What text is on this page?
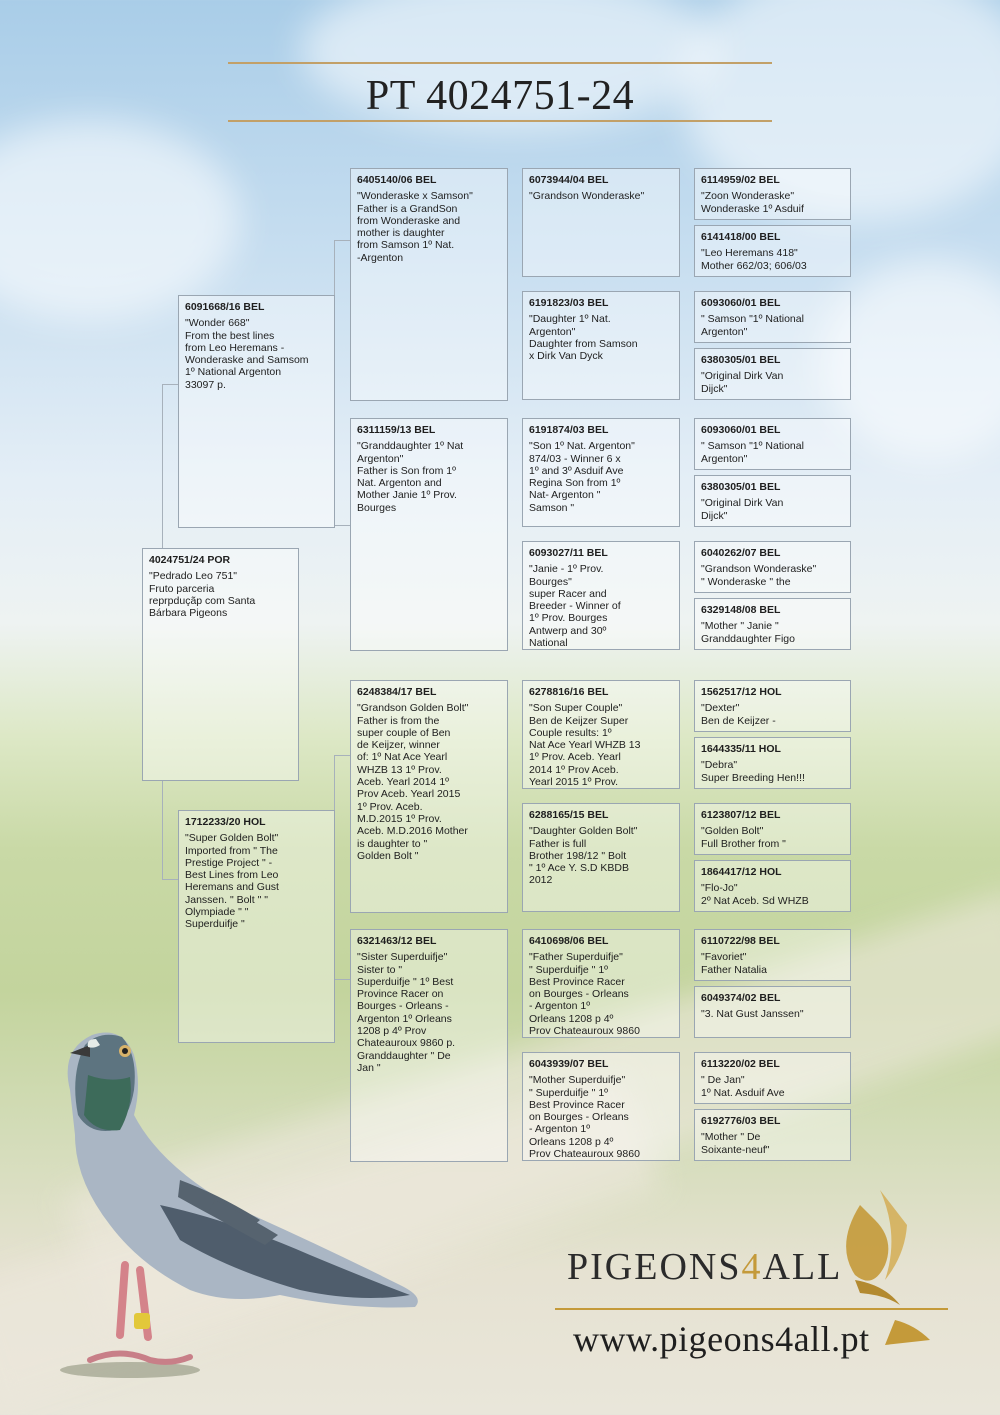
PT 4024751-24
4024751/24 POR
"Pedrado Leo 751"
Fruto parceria
reprpduçãp com Santa
Bárbara Pigeons
6091668/16 BEL
"Wonder 668"
From the best lines
from Leo Heremans -
Wonderaske and Samsom
1º National Argenton
33097 p.
1712233/20 HOL
"Super Golden Bolt"
Imported from " The
Prestige Project " -
Best Lines from Leo
Heremans and Gust
Janssen. " Bolt " "
Olympiade " "
Superduifje "
6405140/06 BEL
"Wonderaske x Samson"
Father is a GrandSon
from Wonderaske and
mother is daughter
from Samson 1º Nat.
-Argenton
6311159/13 BEL
"Granddaughter 1º Nat
Argenton"
Father is Son from 1º
Nat. Argenton and
Mother Janie 1º Prov.
Bourges
6248384/17 BEL
"Grandson Golden Bolt"
Father is from the
super couple of Ben
de Keijzer, winner
of: 1º Nat Ace Yearl
WHZB 13 1º Prov.
Aceb. Yearl 2014 1º
Prov Aceb. Yearl 2015
1º Prov. Aceb.
M.D.2015 1º Prov.
Aceb. M.D.2016 Mother
is daughter to "
Golden Bolt "
6321463/12 BEL
"Sister Superduifje"
Sister to "
Superduifje " 1º Best
Province Racer on
Bourges - Orleans -
Argenton 1º Orleans
1208 p 4º Prov
Chateauroux 9860 p.
Granddaughter " De
Jan "
6073944/04 BEL
"Grandson Wonderaske"
6191823/03 BEL
"Daughter 1º Nat.
Argenton"
Daughter from Samson
x Dirk Van Dyck
6191874/03 BEL
"Son 1º Nat. Argenton"
874/03 - Winner 6 x
1º and 3º Asduif Ave
Regina Son from 1º
Nat- Argenton "
Samson "
6093027/11 BEL
"Janie - 1º Prov.
Bourges"
super Racer and
Breeder - Winner of
1º Prov. Bourges
Antwerp and 30º
National
6278816/16 BEL
"Son Super Couple"
Ben de Keijzer Super
Couple results: 1º
Nat Ace Yearl WHZB 13
1º Prov. Aceb. Yearl
2014 1º Prov Aceb.
Yearl 2015 1º Prov.
6288165/15 BEL
"Daughter Golden Bolt"
Father is full
Brother 198/12 " Bolt
" 1º Ace Y. S.D KBDB
2012
6410698/06 BEL
"Father Superduifje"
" Superduifje " 1º
Best Province Racer
on Bourges - Orleans
- Argenton 1º
Orleans 1208 p 4º
Prov Chateauroux 9860
6043939/07 BEL
"Mother Superduifje"
" Superduifje " 1º
Best Province Racer
on Bourges - Orleans
- Argenton 1º
Orleans 1208 p 4º
Prov Chateauroux 9860
6114959/02 BEL
"Zoon Wonderaske"
Wonderaske 1º Asduif
6141418/00 BEL
"Leo Heremans 418"
Mother 662/03; 606/03
6093060/01 BEL
" Samson "1º National
Argenton"
6380305/01 BEL
"Original Dirk Van
Dijck"
6093060/01 BEL
" Samson "1º National
Argenton"
6380305/01 BEL
"Original Dirk Van
Dijck"
6040262/07 BEL
"Grandson Wonderaske"
" Wonderaske " the
6329148/08 BEL
"Mother " Janie "
Granddaughter Figo
1562517/12 HOL
"Dexter"
Ben de Keijzer -
1644335/11 HOL
"Debra"
Super Breeding Hen!!!
6123807/12 BEL
"Golden Bolt"
Full Brother from "
1864417/12 HOL
"Flo-Jo"
2º Nat Aceb. Sd WHZB
6110722/98 BEL
"Favoriet"
Father Natalia
6049374/02 BEL
"3. Nat Gust Janssen"
6113220/02 BEL
" De Jan"
1º Nat. Asduif Ave
6192776/03 BEL
"Mother " De
Soixante-neuf"
PIGEONS4ALL
www.pigeons4all.pt
